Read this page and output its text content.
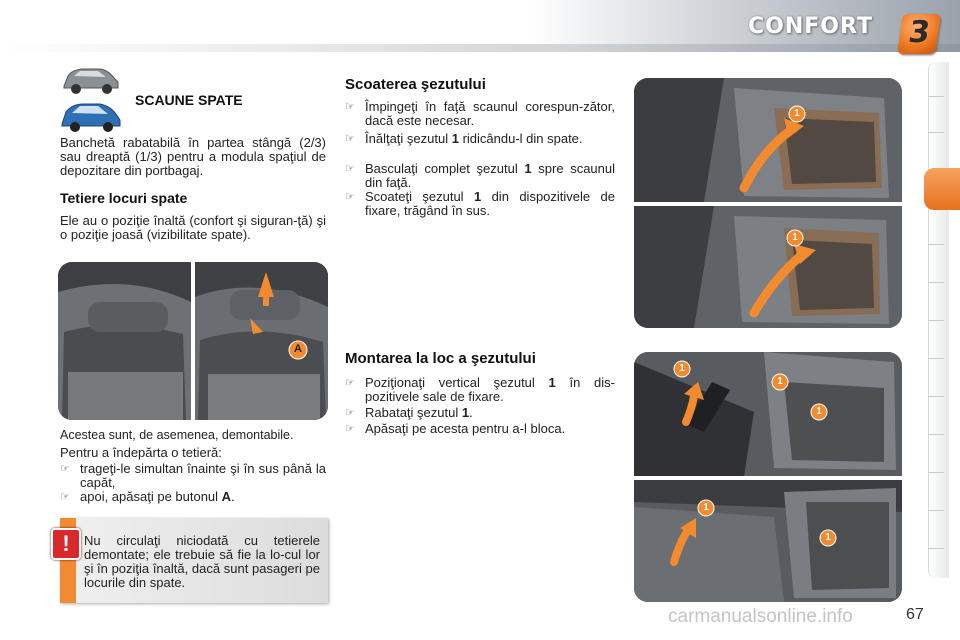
CONFORT 3
SCAUNE SPATE
Banchetă rabatabilă în partea stângă (2/3) sau dreaptă (1/3) pentru a modula spaţiul de depozitare din portbagaj.
Tetiere locuri spate
Ele au o poziţie înaltă (confort şi siguran-ţă) şi o poziţie joasă (vizibilitate spate).
A
Acestea sunt, de asemenea, demontabile.
Pentru a îndepărta o tetieră:
☞ trageţi-le simultan înainte şi în sus până la capăt,
☞ apoi, apăsaţi pe butonul A.
!	Nu circulaţi niciodată cu tetierele demontate; ele trebuie să fie la lo-cul lor şi în poziţia înaltă, dacă sunt pasageri pe locurile din spate.
Scoaterea şezutului
☞ Împingeţi în faţă scaunul corespun-zător, dacă este necesar.
☞ Înălţaţi şezutul 1 ridicându-l din spate.
☞ Basculaţi complet şezutul 1 spre scaunul din faţă.
☞ Scoateţi şezutul 1 din dispozitivele de fixare, trăgând în sus.
Montarea la loc a şezutului
☞ Poziţionaţi vertical şezutul 1 în dis-pozitivele sale de fixare.
☞ Rabataţi şezutul 1.
☞ Apăsaţi pe acesta pentru a-l bloca.
1
1
1
1
1
1
1
carmanualsonline.info	67
